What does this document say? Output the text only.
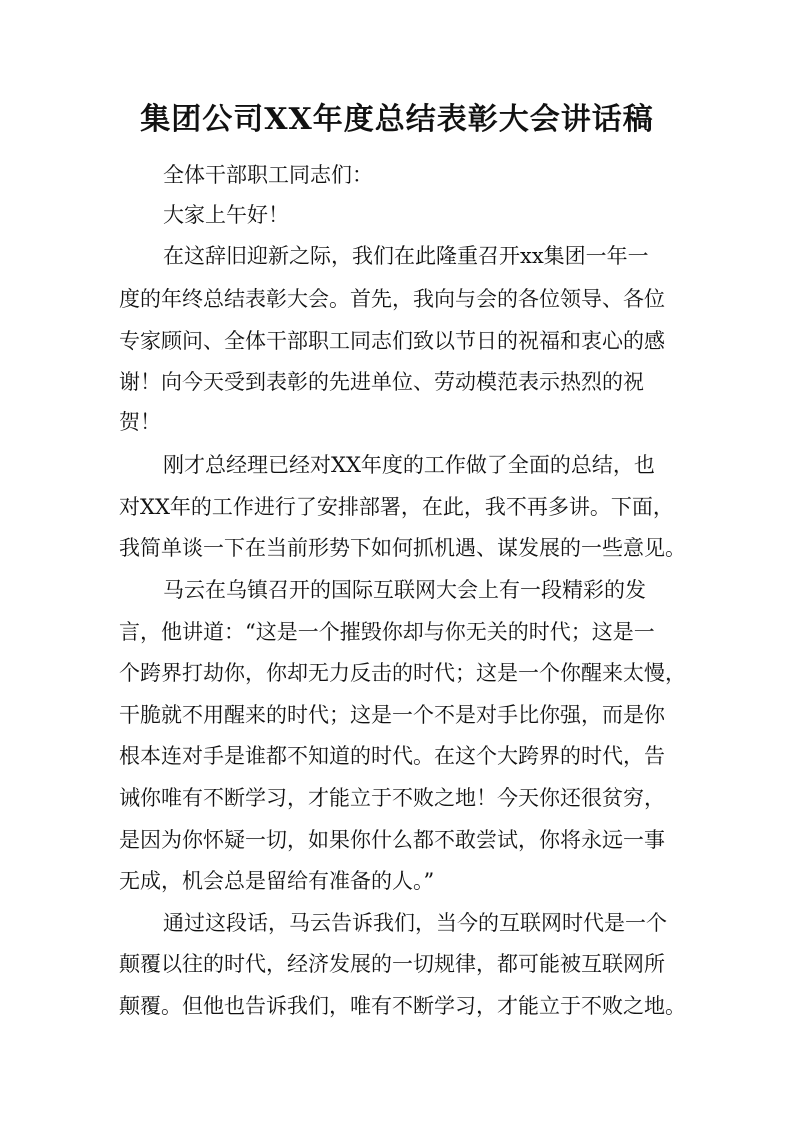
集团公司XX年度总结表彰大会讲话稿
全体干部职工同志们：
大家上午好！
在这辞旧迎新之际，我们在此隆重召开xx集团一年一
度的年终总结表彰大会。首先，我向与会的各位领导、各位
专家顾问、全体干部职工同志们致以节日的祝福和衷心的感
谢！向今天受到表彰的先进单位、劳动模范表示热烈的祝
贺！
刚才总经理已经对XX年度的工作做了全面的总结，也
对XX年的工作进行了安排部署，在此，我不再多讲。下面，
我简单谈一下在当前形势下如何抓机遇、谋发展的一些意见。
马云在乌镇召开的国际互联网大会上有一段精彩的发
言，他讲道：“这是一个摧毁你却与你无关的时代；这是一
个跨界打劫你，你却无力反击的时代；这是一个你醒来太慢，
干脆就不用醒来的时代；这是一个不是对手比你强，而是你
根本连对手是谁都不知道的时代。在这个大跨界的时代，告
诫你唯有不断学习，才能立于不败之地！今天你还很贫穷，
是因为你怀疑一切，如果你什么都不敢尝试，你将永远一事
无成，机会总是留给有准备的人。”
通过这段话，马云告诉我们，当今的互联网时代是一个
颠覆以往的时代，经济发展的一切规律，都可能被互联网所
颠覆。但他也告诉我们，唯有不断学习，才能立于不败之地。
